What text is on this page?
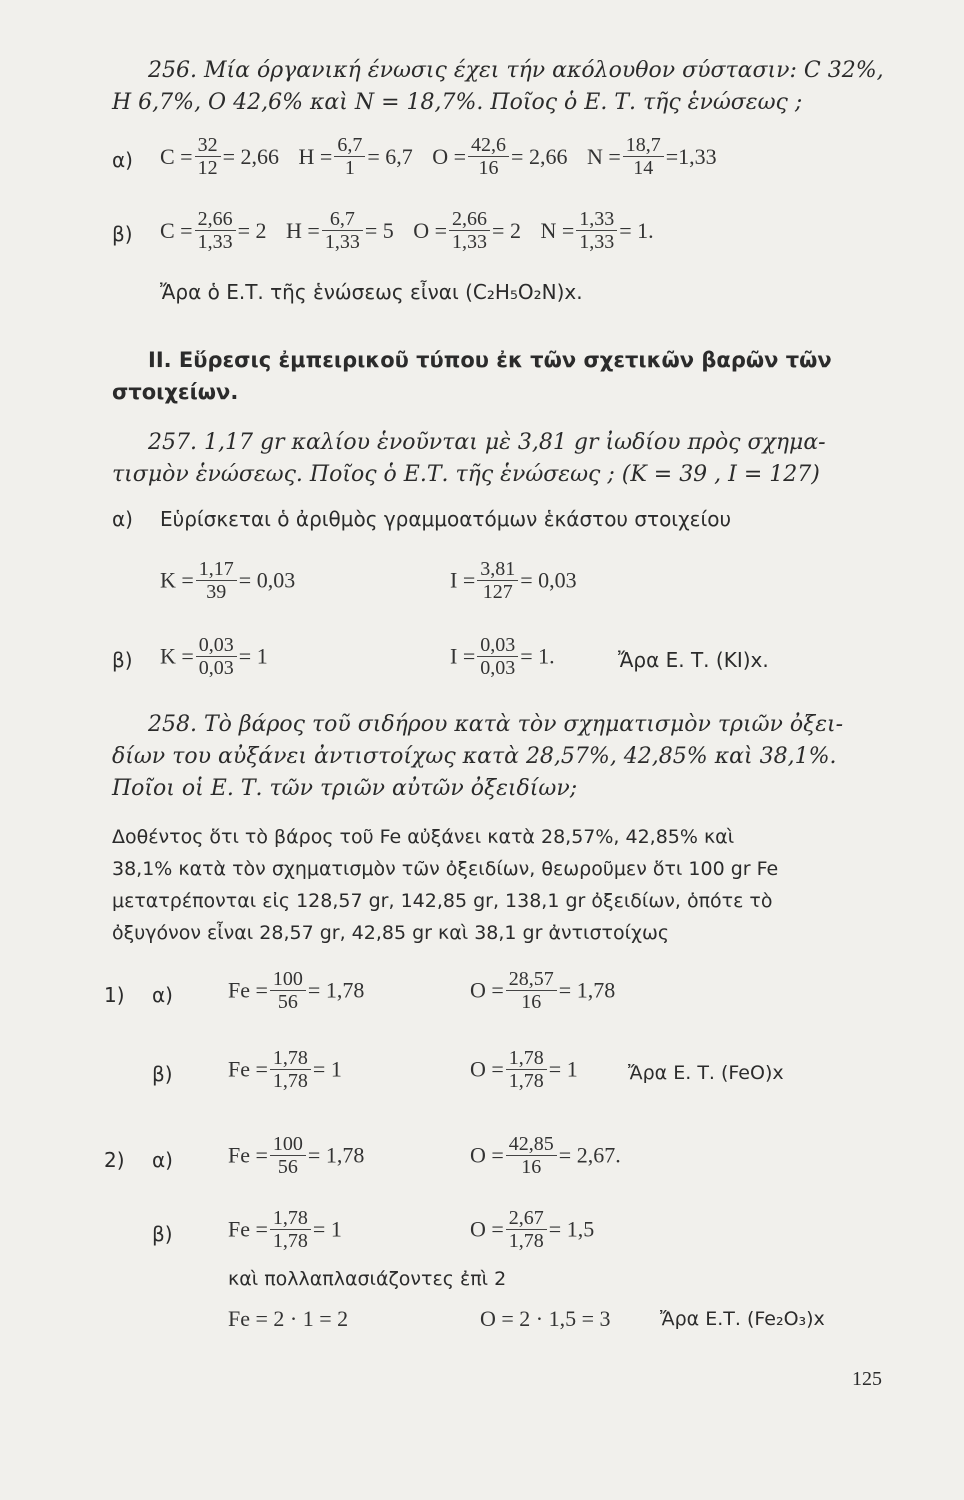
256. Μία όργανική ένωσις έχει τήν ακόλουθον σύστασιν: C 32%,
H 6,7%, O 42,6% καὶ N = 18,7%. Ποῖος ὁ Ε. Τ. τῆς ἑνώσεως ;
α) $C = \frac{32}{12} = 2,66$ $H = \frac{6,7}{1} = 6,7$ $O = \frac{42,6}{16} = 2,66$ $N = \frac{18,7}{14} =1,33$
β) $C = \frac{2,66}{1,33} = 2$ $H = \frac{6,7}{1,33} = 5$ $O = \frac{2,66}{1,33} = 2$ $N = \frac{1,33}{1,33} = 1$.
Ἄρα ὁ Ε.Τ. τῆς ἑνώσεως εἶναι (C₂H₅O₂N)x.
ΙΙ. Εὕρεσις ἐμπειρικοῦ τύπου ἐκ τῶν σχετικῶν βαρῶν τῶν
στοιχείων.
257. 1,17 gr καλίου ἑνοῦνται μὲ 3,81 gr ἰωδίου πρὸς σχημα-
τισμὸν ἑνώσεως. Ποῖος ὁ Ε.Τ. τῆς ἑνώσεως ; (Κ = 39 , Ι = 127)
α) Εὑρίσκεται ὁ ἀριθμὸς γραμμοατόμων ἑκάστου στοιχείου
$K = \frac{1,17}{39} = 0,03$	$I = \frac{3,81}{127} = 0,03$
β) $K = \frac{0,03}{0,03} = 1$	$I = \frac{0,03}{0,03} = 1$.	Ἄρα Ε. Τ. (KI)x.
258. Τὸ βάρος τοῦ σιδήρου κατὰ τὸν σχηματισμὸν τριῶν ὀξει-
δίων του αὐξάνει ἀντιστοίχως κατὰ 28,57%, 42,85% καὶ 38,1%.
Ποῖοι οἱ Ε. Τ. τῶν τριῶν αὐτῶν ὀξειδίων;
Δοθέντος ὅτι τὸ βάρος τοῦ Fe αὐξάνει κατὰ 28,57%, 42,85% καὶ
38,1% κατὰ τὸν σχηματισμὸν τῶν ὀξειδίων, θεωροῦμεν ὅτι 100 gr Fe
μετατρέπονται εἰς 128,57 gr, 142,85 gr, 138,1 gr ὀξειδίων, ὁπότε τὸ
ὀξυγόνον εἶναι 28,57 gr, 42,85 gr καὶ 38,1 gr ἀντιστοίχως
1) α)	$Fe = \frac{100}{56} = 1,78$	$O = \frac{28,57}{16} = 1,78$
β)	$Fe = \frac{1,78}{1,78} = 1$	$O = \frac{1,78}{1,78} = 1$	Ἄρα Ε. Τ. (FeO)x
2) α)	$Fe = \frac{100}{56} = 1,78$	$O = \frac{42,85}{16} = 2,67$.
β)	$Fe = \frac{1,78}{1,78} = 1$	$O = \frac{2,67}{1,78} = 1,5$
καὶ πολλαπλασιάζοντες ἐπὶ 2
Fe = 2 · 1 = 2	O = 2 · 1,5 = 3	Ἄρα Ε.Τ. (Fe₂O₃)x
125
